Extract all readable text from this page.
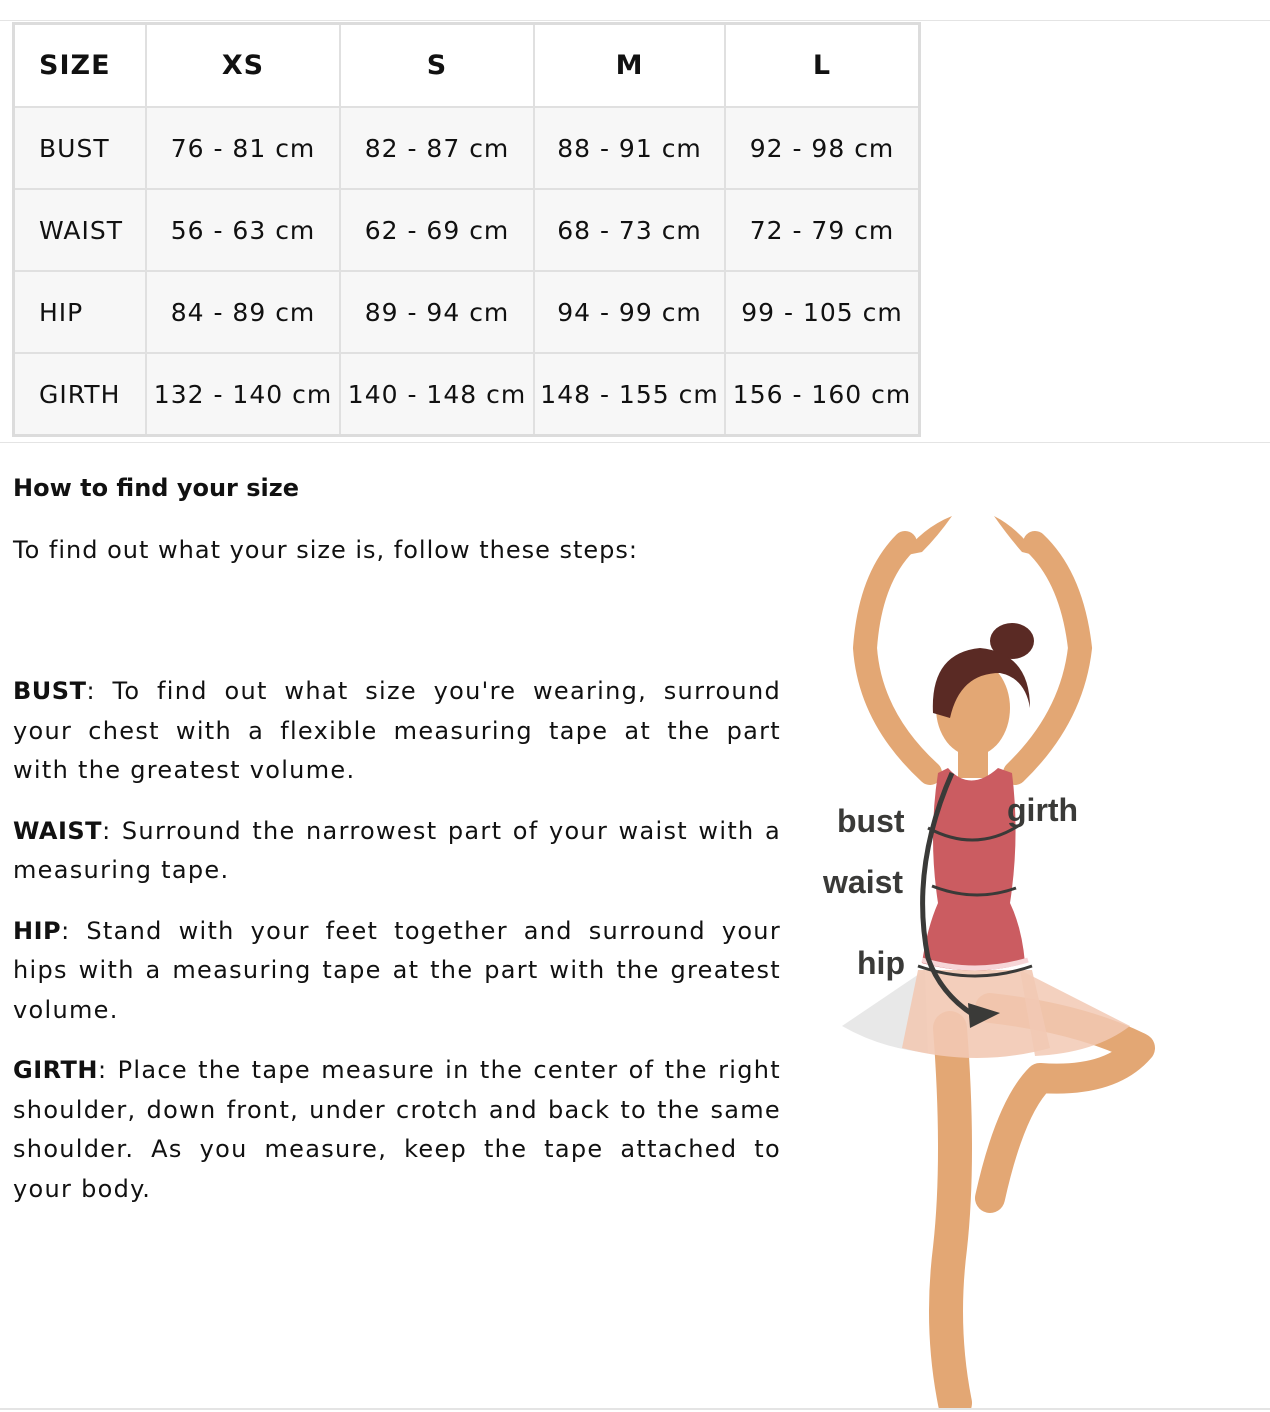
SIZE	XS	S	M	L
BUST	76 - 81 cm	82 - 87 cm	88 - 91 cm	92 - 98 cm
WAIST	56 - 63 cm	62 - 69 cm	68 - 73 cm	72 - 79 cm
HIP	84 - 89 cm	89 - 94 cm	94 - 99 cm	99 - 105 cm
GIRTH	132 - 140 cm	140 - 148 cm	148 - 155 cm	156 - 160 cm
How to find your size

To find out what your size is, follow these steps:

BUST: To find out what size you're wearing, surround your chest with a flexible measuring tape at the part with the greatest volume.

WAIST: Surround the narrowest part of your waist with a measuring tape.

HIP: Stand with your feet together and surround your hips with a measuring tape at the part with the greatest volume.

GIRTH: Place the tape measure in the center of the right shoulder, down front, under crotch and back to the same shoulder. As you measure, keep the tape attached to your body.

bust
waist
hip
girth
